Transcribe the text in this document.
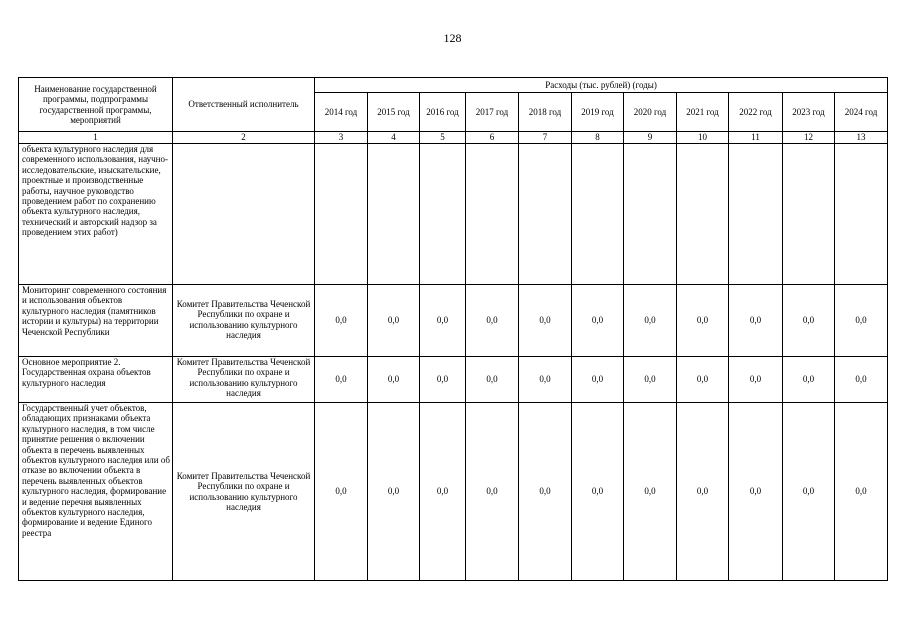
128
Наименование государственной программы, подпрограммы государственной программы, мероприятий	Ответственный исполнитель	Расходы (тыс. рублей) (годы)										
		2014 год	2015 год	2016 год	2017 год	2018 год	2019 год	2020 год	2021 год	2022 год	2023 год	2024 год
1	2	3	4	5	6	7	8	9	10	11	12	13
объекта культурного наследия для современного использования, научно-исследовательские, изыскательские, проектные и производственные работы, научное руководство проведением работ по сохранению объекта культурного наследия, технический и авторский надзор за проведением этих работ)												
Мониторинг современного состояния и использования объектов культурного наследия (памятников истории и культуры) на территории Чеченской Республики	Комитет Правительства Чеченской Республики по охране и использованию культурного наследия	0,0	0,0	0,0	0,0	0,0	0,0	0,0	0,0	0,0	0,0	0,0
Основное мероприятие 2. Государственная охрана объектов культурного наследия	Комитет Правительства Чеченской Республики по охране и использованию культурного наследия	0,0	0,0	0,0	0,0	0,0	0,0	0,0	0,0	0,0	0,0	0,0
Государственный учет объектов, обладающих признаками объекта культурного наследия, в том числе принятие решения о включении объекта в перечень выявленных объектов культурного наследия или об отказе во включении объекта в перечень выявленных объектов культурного наследия, формирование и ведение перечня выявленных объектов культурного наследия, формирование и ведение Единого реестра	Комитет Правительства Чеченской Республики по охране и использованию культурного наследия	0,0	0,0	0,0	0,0	0,0	0,0	0,0	0,0	0,0	0,0	0,0
